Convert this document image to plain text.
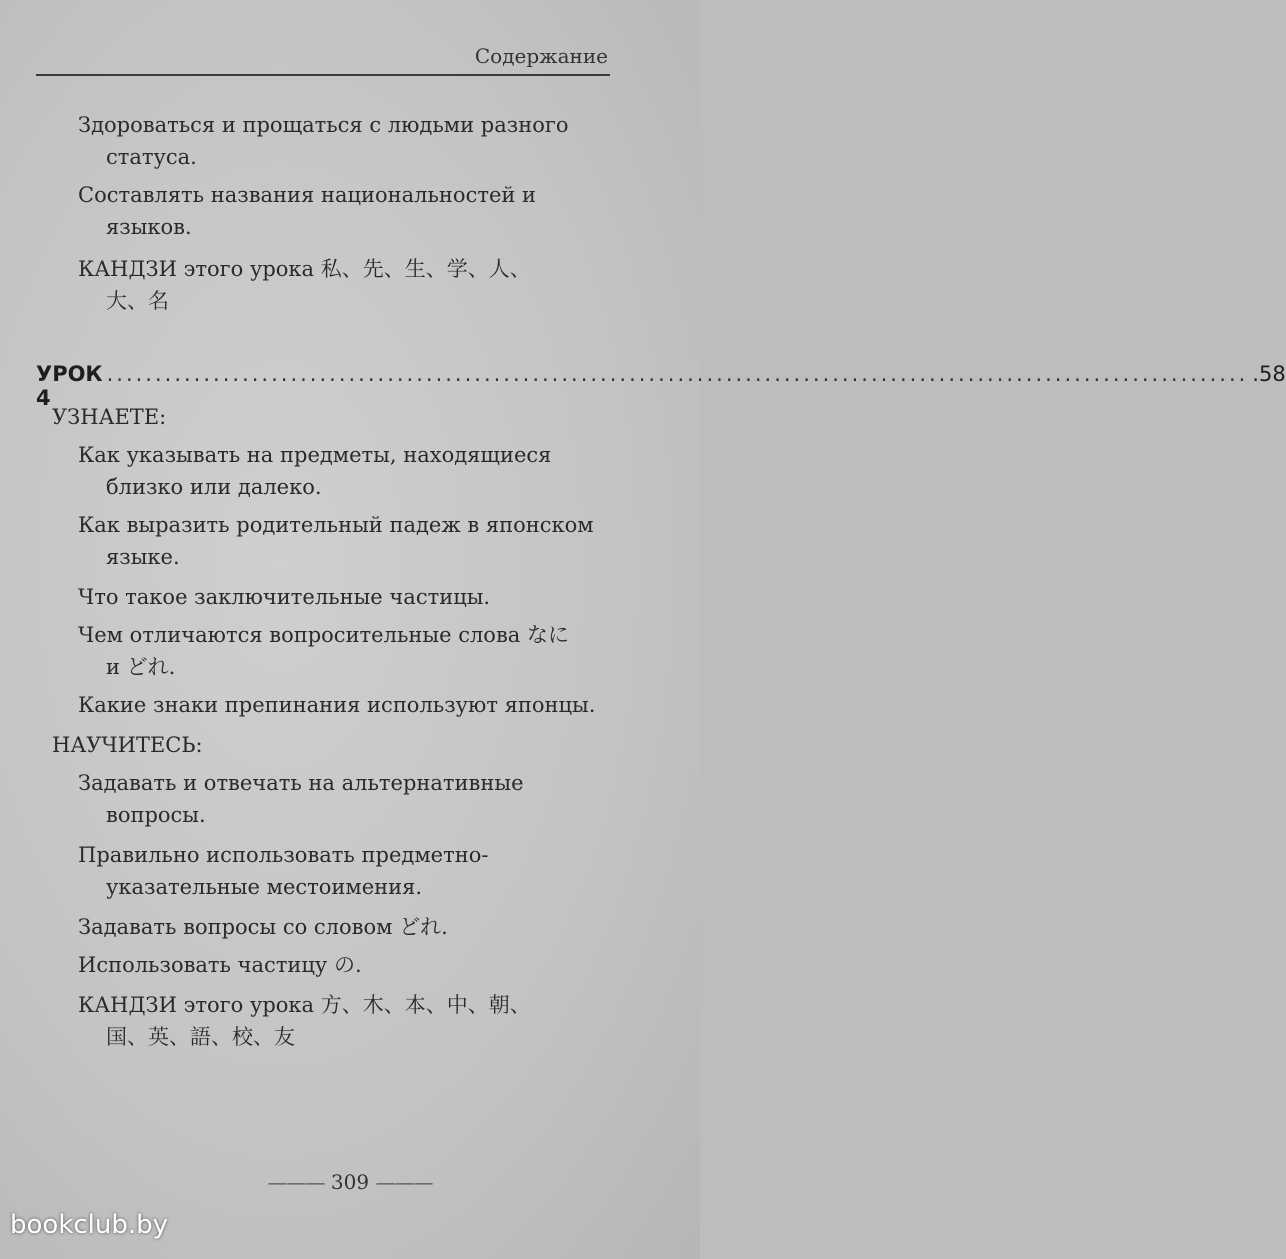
Содержание
Здороваться и прощаться с людьми разного
статуса.
Составлять названия национальностей и
языков.
КАНДЗИ этого урока 私、先、生、学、人、
大、名
УРОК 4
...................................................................................................................... .58
УЗНАЕТЕ:
Как указывать на предметы, находящиеся
близко или далеко.
Как выразить родительный падеж в японском
языке.
Что такое заключительные частицы.
Чем отличаются вопросительные слова なに
и どれ.
Какие знаки препинания используют японцы.
НАУЧИТЕСЬ:
Задавать и отвечать на альтернативные
вопросы.
Правильно использовать предметно-
указательные местоимения.
Задавать вопросы со словом どれ.
Использовать частицу の.
КАНДЗИ этого урока 方、木、本、中、朝、
国、英、語、校、友
——— 309 ———
bookclub.by
